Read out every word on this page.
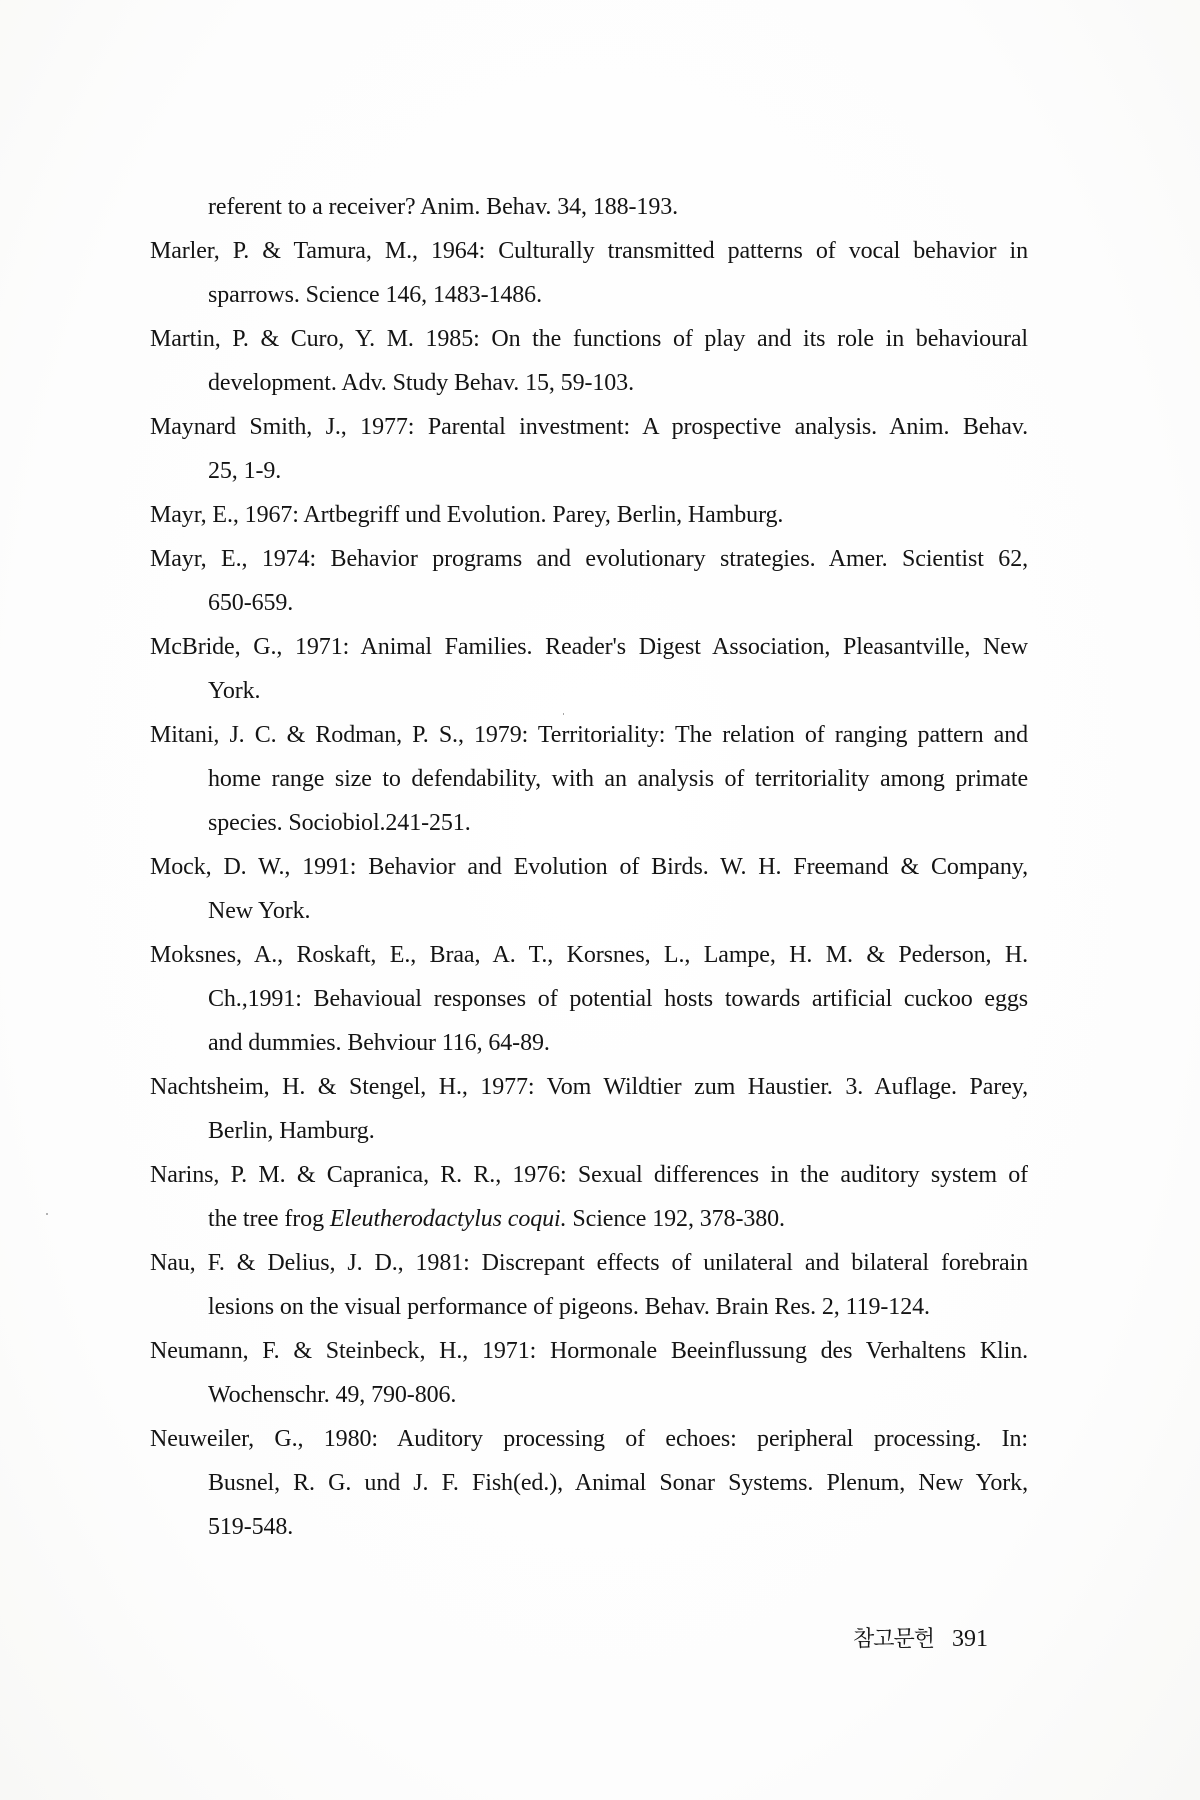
referent to a receiver? Anim. Behav. 34, 188-193.
Marler, P. & Tamura, M., 1964: Culturally transmitted patterns of vocal behavior in
sparrows. Science 146, 1483-1486.
Martin, P. & Curo, Y. M. 1985: On the functions of play and its role in behavioural
development. Adv. Study Behav. 15, 59-103.
Maynard Smith, J., 1977: Parental investment: A prospective analysis. Anim. Behav.
25, 1-9.
Mayr, E., 1967: Artbegriff und Evolution. Parey, Berlin, Hamburg.
Mayr, E., 1974: Behavior programs and evolutionary strategies. Amer. Scientist 62,
650-659.
McBride, G., 1971: Animal Families. Reader's Digest Association, Pleasantville, New
York.
Mitani, J. C. & Rodman, P. S., 1979: Territoriality: The relation of ranging pattern and
home range size to defendability, with an analysis of territoriality among primate
species. Sociobiol.241-251.
Mock, D. W., 1991: Behavior and Evolution of Birds. W. H. Freemand & Company,
New York.
Moksnes, A., Roskaft, E., Braa, A. T., Korsnes, L., Lampe, H. M. & Pederson, H.
Ch.,1991: Behavioual responses of potential hosts towards artificial cuckoo eggs
and dummies. Behviour 116, 64-89.
Nachtsheim, H. & Stengel, H., 1977: Vom Wildtier zum Haustier. 3. Auflage. Parey,
Berlin, Hamburg.
Narins, P. M. & Capranica, R. R., 1976: Sexual differences in the auditory system of
the tree frog Eleutherodactylus coqui. Science 192, 378-380.
Nau, F. & Delius, J. D., 1981: Discrepant effects of unilateral and bilateral forebrain
lesions on the visual performance of pigeons. Behav. Brain Res. 2, 119-124.
Neumann, F. & Steinbeck, H., 1971: Hormonale Beeinflussung des Verhaltens Klin.
Wochenschr. 49, 790-806.
Neuweiler, G., 1980: Auditory processing of echoes: peripheral processing. In:
Busnel, R. G. und J. F. Fish(ed.), Animal Sonar Systems. Plenum, New York,
519-548.
참고문헌 391
